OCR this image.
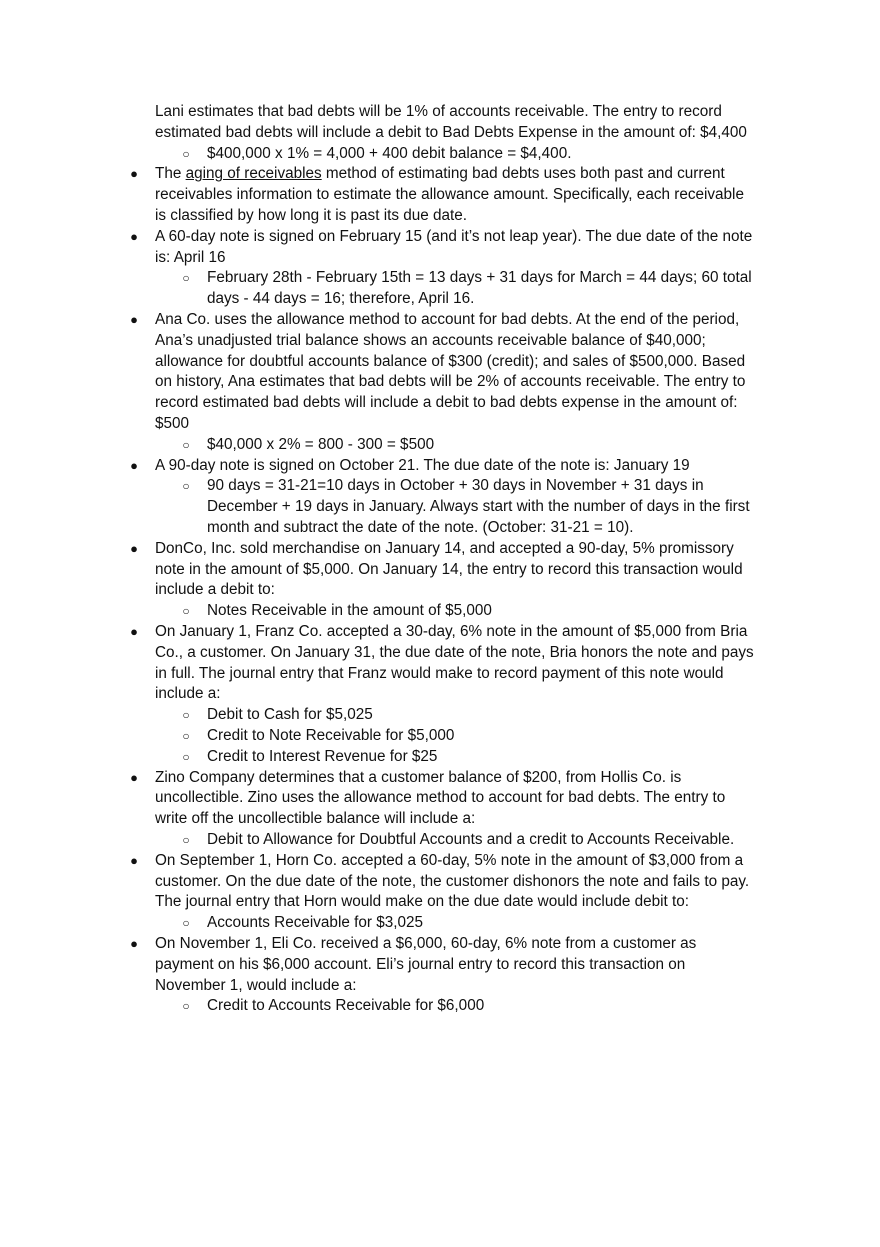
Lani estimates that bad debts will be 1% of accounts receivable. The entry to record
estimated bad debts will include a debit to Bad Debts Expense in the amount of: $4,400
○ $400,000 x 1% = 4,000 + 400 debit balance = $4,400.
● The aging of receivables method of estimating bad debts uses both past and current
receivables information to estimate the allowance amount. Specifically, each receivable
is classified by how long it is past its due date.
● A 60-day note is signed on February 15 (and it’s not leap year). The due date of the note
is: April 16
○ February 28th - February 15th = 13 days + 31 days for March = 44 days; 60 total
days - 44 days = 16; therefore, April 16.
● Ana Co. uses the allowance method to account for bad debts. At the end of the period,
Ana’s unadjusted trial balance shows an accounts receivable balance of $40,000;
allowance for doubtful accounts balance of $300 (credit); and sales of $500,000. Based
on history, Ana estimates that bad debts will be 2% of accounts receivable. The entry to
record estimated bad debts will include a debit to bad debts expense in the amount of:
$500
○ $40,000 x 2% = 800 - 300 = $500
● A 90-day note is signed on October 21. The due date of the note is: January 19
○ 90 days = 31-21=10 days in October + 30 days in November + 31 days in
December + 19 days in January. Always start with the number of days in the first
month and subtract the date of the note. (October: 31-21 = 10).
● DonCo, Inc. sold merchandise on January 14, and accepted a 90-day, 5% promissory
note in the amount of $5,000. On January 14, the entry to record this transaction would
include a debit to:
○ Notes Receivable in the amount of $5,000
● On January 1, Franz Co. accepted a 30-day, 6% note in the amount of $5,000 from Bria
Co., a customer. On January 31, the due date of the note, Bria honors the note and pays
in full. The journal entry that Franz would make to record payment of this note would
include a:
○ Debit to Cash for $5,025
○ Credit to Note Receivable for $5,000
○ Credit to Interest Revenue for $25
● Zino Company determines that a customer balance of $200, from Hollis Co. is
uncollectible. Zino uses the allowance method to account for bad debts. The entry to
write off the uncollectible balance will include a:
○ Debit to Allowance for Doubtful Accounts and a credit to Accounts Receivable.
● On September 1, Horn Co. accepted a 60-day, 5% note in the amount of $3,000 from a
customer. On the due date of the note, the customer dishonors the note and fails to pay.
The journal entry that Horn would make on the due date would include debit to:
○ Accounts Receivable for $3,025
● On November 1, Eli Co. received a $6,000, 60-day, 6% note from a customer as
payment on his $6,000 account. Eli’s journal entry to record this transaction on
November 1, would include a:
○ Credit to Accounts Receivable for $6,000
